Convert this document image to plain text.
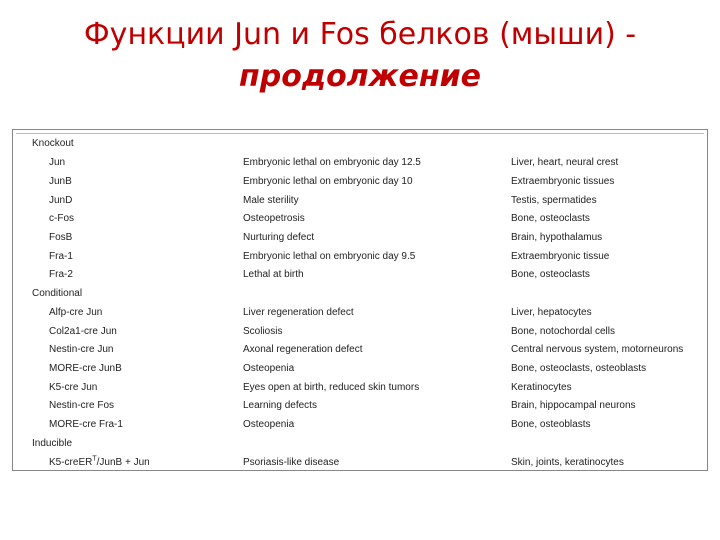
Функции Jun и Fos белков (мыши) -
продолжение
Knockout
Jun	Embryonic lethal on embryonic day 12.5	Liver, heart, neural crest
JunB	Embryonic lethal on embryonic day 10	Extraembryonic tissues
JunD	Male sterility	Testis, spermatides
c-Fos	Osteopetrosis	Bone, osteoclasts
FosB	Nurturing defect	Brain, hypothalamus
Fra-1	Embryonic lethal on embryonic day 9.5	Extraembryonic tissue
Fra-2	Lethal at birth	Bone, osteoclasts
Conditional
Alfp-cre Jun	Liver regeneration defect	Liver, hepatocytes
Col2a1-cre Jun	Scoliosis	Bone, notochordal cells
Nestin-cre Jun	Axonal regeneration defect	Central nervous system, motorneurons
MORE-cre JunB	Osteopenia	Bone, osteoclasts, osteoblasts
K5-cre Jun	Eyes open at birth, reduced skin tumors	Keratinocytes
Nestin-cre Fos	Learning defects	Brain, hippocampal neurons
MORE-cre Fra-1	Osteopenia	Bone, osteoblasts
Inducible
K5-creER$^T$/JunB + Jun	Psoriasis-like disease	Skin, joints, keratinocytes
